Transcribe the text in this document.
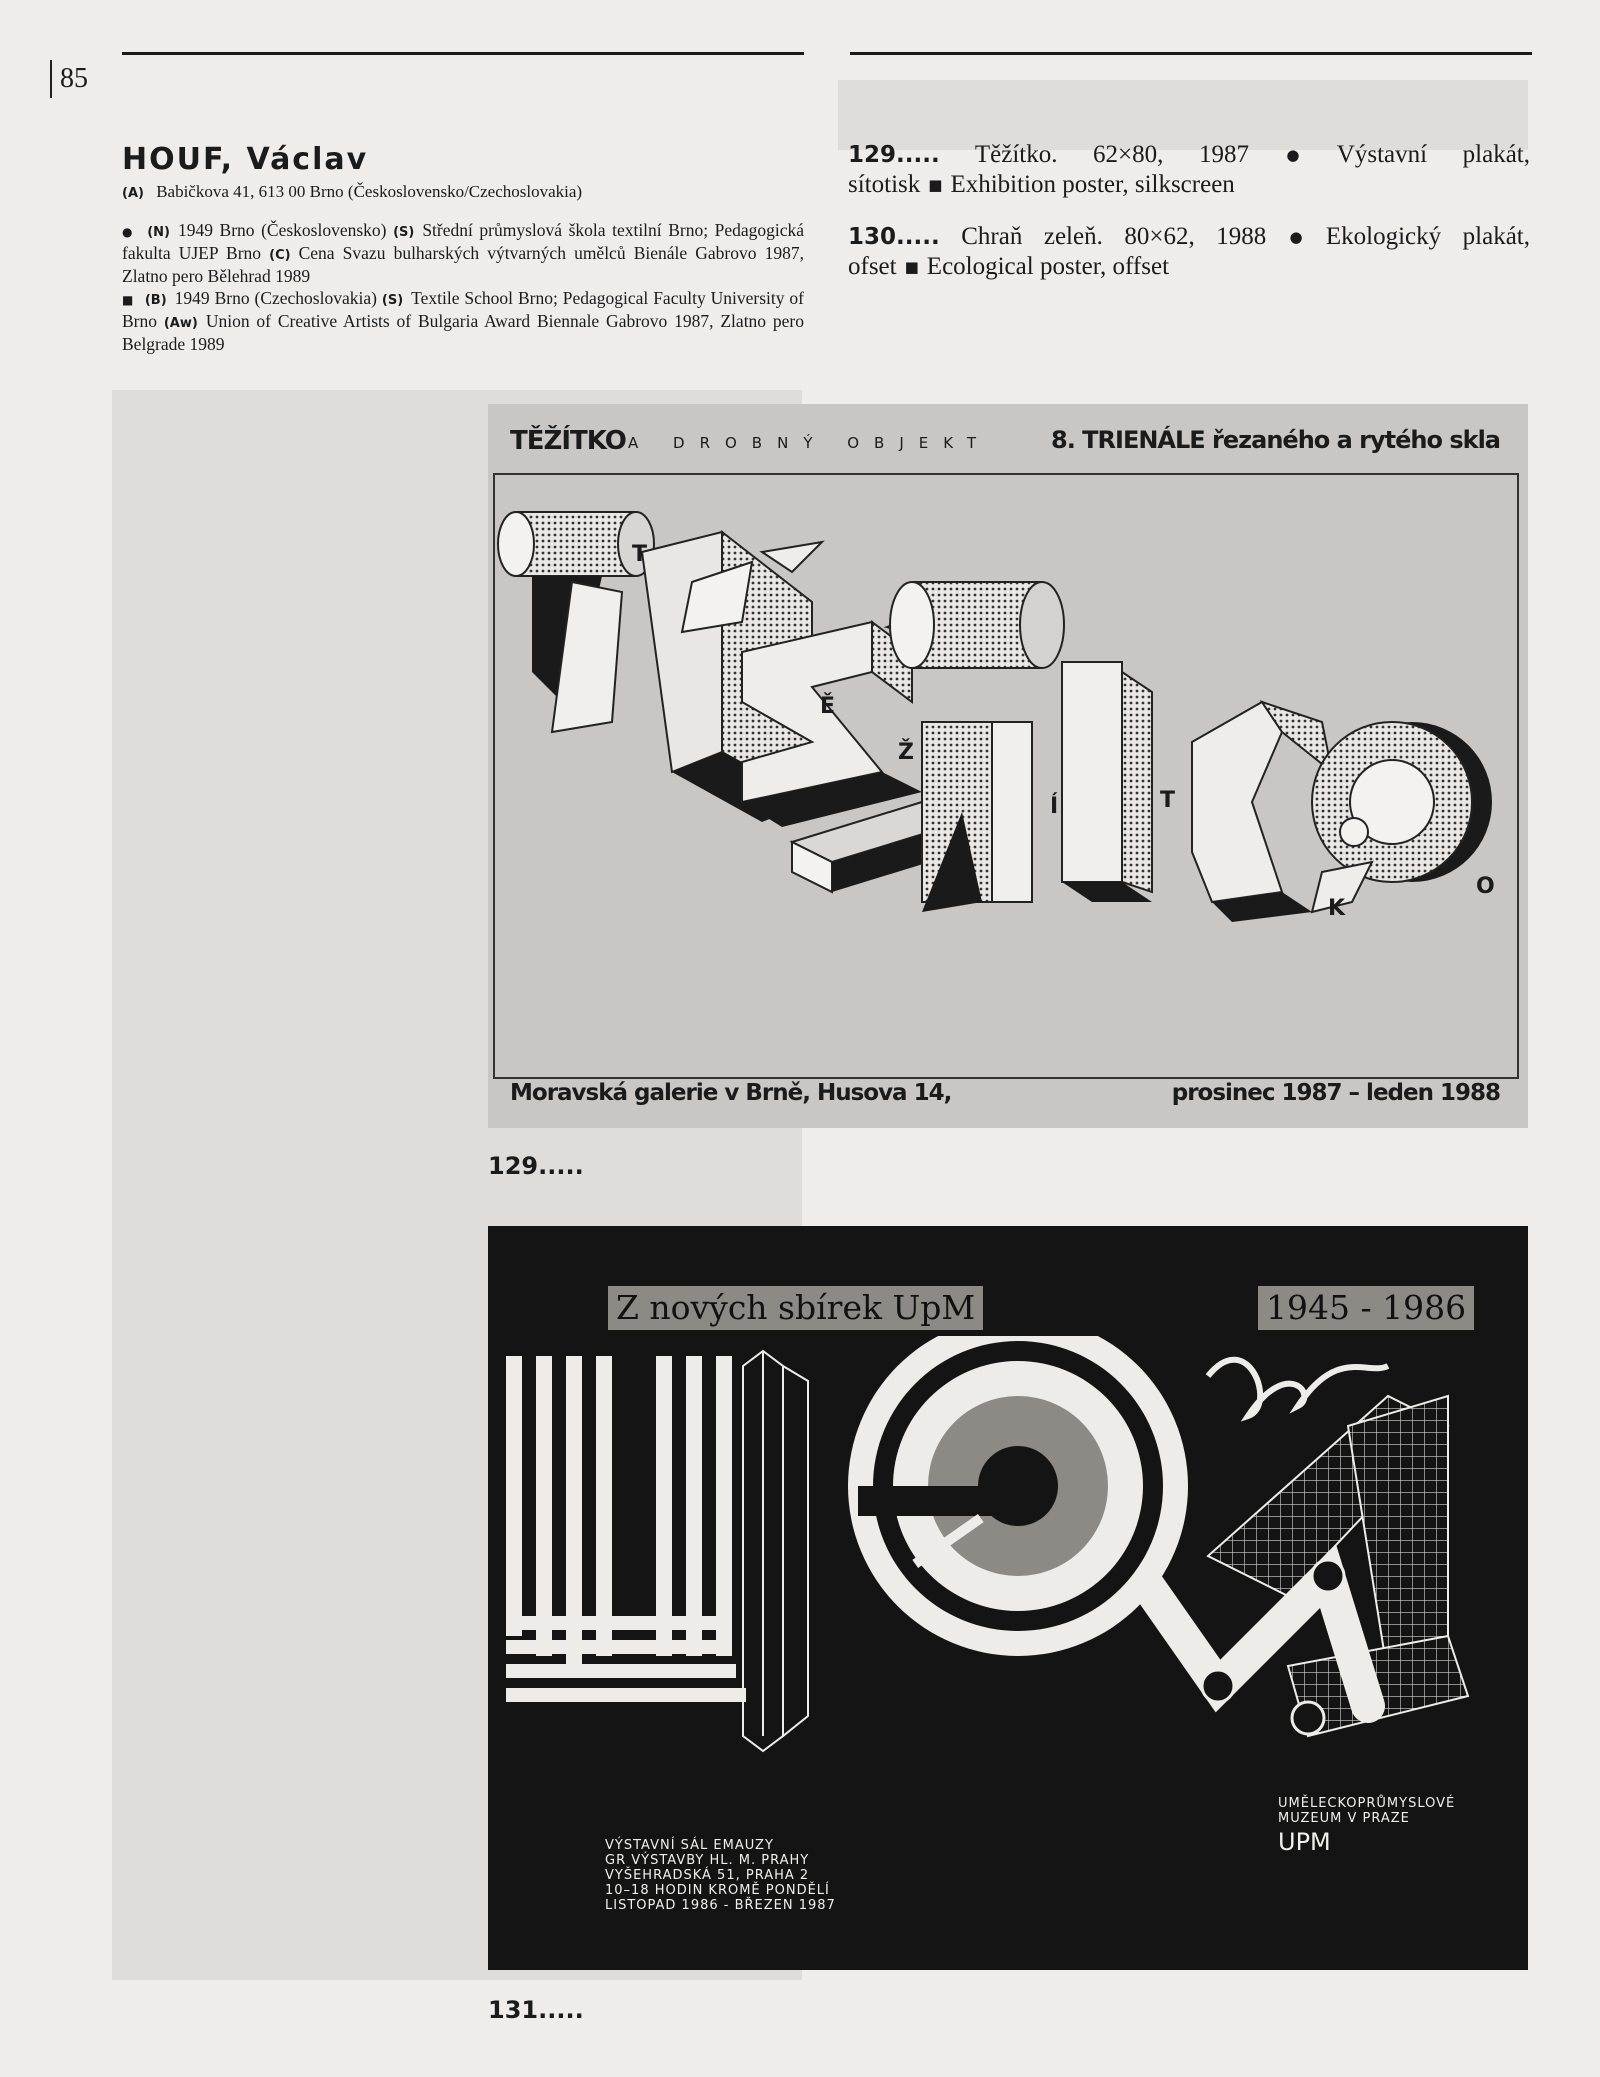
85
HOUF, Václav
(A) Babičkova 41, 613 00 Brno (Československo/Czechoslovakia)

● (N) 1949 Brno (Československo) (S) Střední průmyslová škola textilní Brno; Pedagogická fakulta UJEP Brno (C) Cena Svazu bulharských výtvarných umělců Bienále Gabrovo 1987, Zlatno pero Bělehrad 1989

■ (B) 1949 Brno (Czechoslovakia) (S) Textile School Brno; Pedagogical Faculty University of Brno (Aw) Union of Creative Artists of Bulgaria Award Biennale Gabrovo 1987, Zlatno pero Belgrade 1989

129..... Těžítko. 62×80, 1987 ● Výstavní plakát, sítotisk ■ Exhibition poster, silkscreen

130..... Chraň zeleň. 80×62, 1988 ● Ekologický plakát, ofset ■ Ecological poster, offset

TĚŽÍTKO A DROBNÝ OBJEKT 8. TRIENÁLE řezaného a rytého skla
T
Ě
Ž
Í	T
K
O
Moravská galerie v Brně, Husova 14,	prosinec 1987 – leden 1988
129.....
Z nových sbírek UpM	1945 - 1986
VÝSTAVNÍ SÁL EMAUZY
GR VÝSTAVBY HL. M. PRAHY
VYŠEHRADSKÁ 51, PRAHA 2
10–18 HODIN KROMĚ PONDĚLÍ
LISTOPAD 1986 - BŘEZEN 1987
UMĚLECKOPRŮMYSLOVÉ
MUZEUM V PRAZE
UPM
131.....
